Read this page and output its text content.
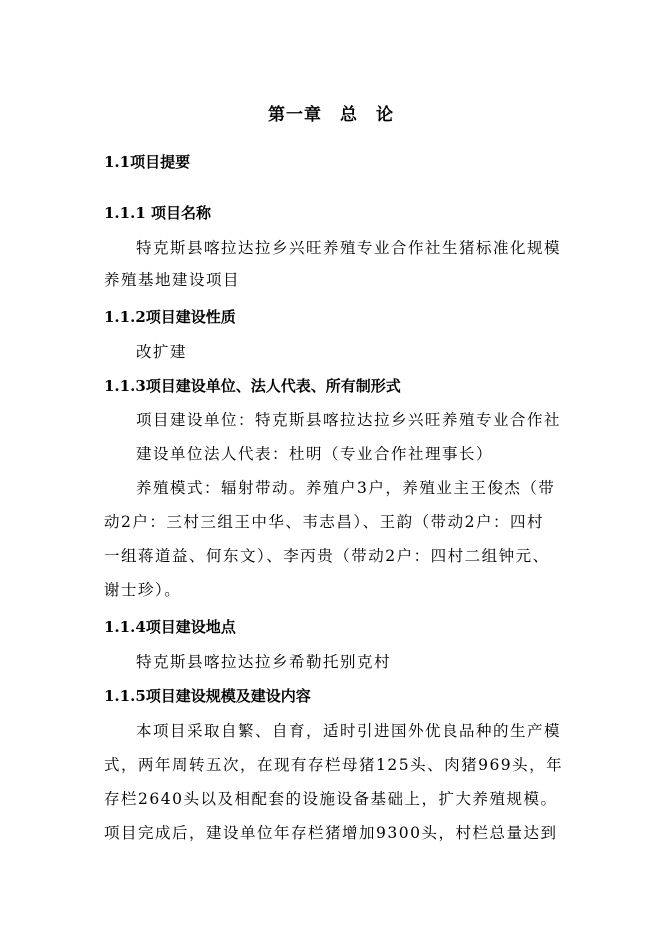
第一章　总　论
1.1项目提要
1.1.1 项目名称
特克斯县喀拉达拉乡兴旺养殖专业合作社生猪标准化规模
养殖基地建设项目
1.1.2项目建设性质
改扩建
1.1.3项目建设单位、法人代表、所有制形式
项目建设单位：特克斯县喀拉达拉乡兴旺养殖专业合作社
建设单位法人代表：杜明（专业合作社理事长）
养殖模式：辐射带动。养殖户3户，养殖业主王俊杰（带
动2户：三村三组王中华、韦志昌）、王韵（带动2户：四村
一组蒋道益、何东文）、李丙贵（带动2户：四村二组钟元、
谢士珍）。
1.1.4项目建设地点
特克斯县喀拉达拉乡希勒托别克村
1.1.5项目建设规模及建设内容
本项目采取自繁、自育，适时引进国外优良品种的生产模
式，两年周转五次，在现有存栏母猪125头、肉猪969头，年
存栏2640头以及相配套的设施设备基础上，扩大养殖规模。
项目完成后，建设单位年存栏猪增加9300头，村栏总量达到
